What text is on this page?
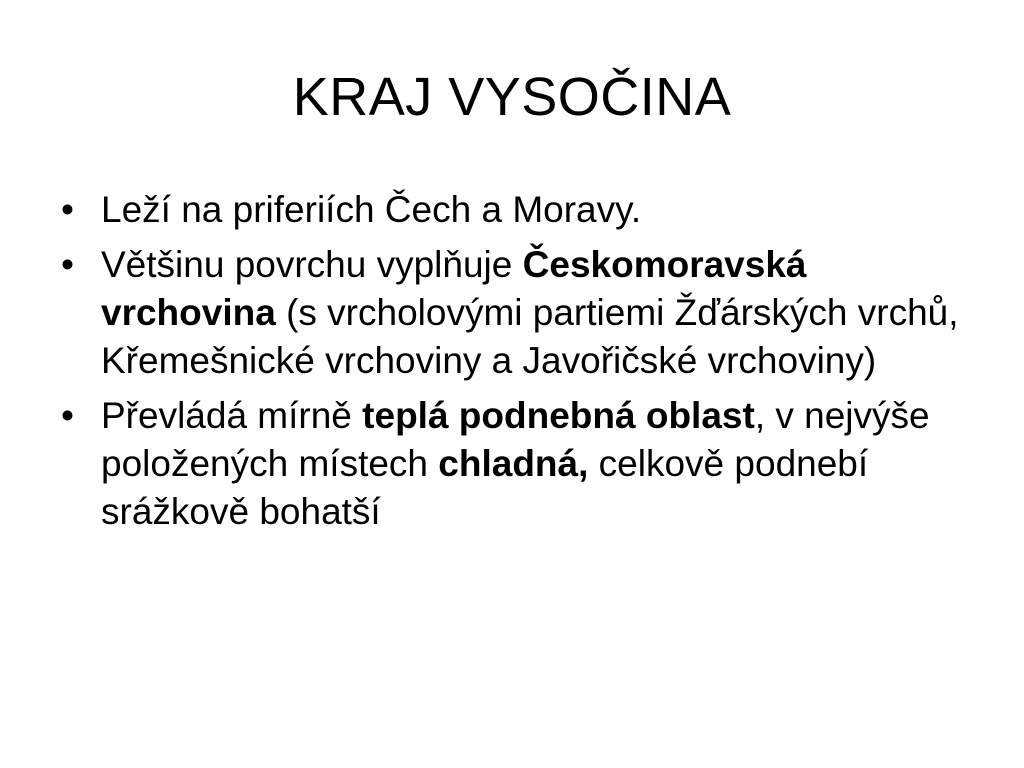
KRAJ VYSOČINA
• Leží na priferiích Čech a Moravy.
• Většinu povrchu vyplňuje Českomoravská vrchovina (s vrcholovými partiemi Žďárských vrchů, Křemešnické vrchoviny a Javořičské vrchoviny)
• Převládá mírně teplá podnebná oblast, v nejvýše položených místech chladná, celkově podnebí srážkově bohatší
